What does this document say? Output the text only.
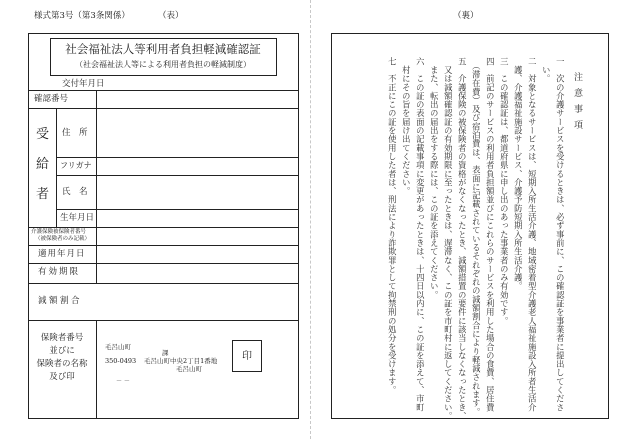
様式第3号（第3条関係）	（表）
社会福祉法人等利用者負担軽減確認証
（社会福祉法人等による利用者負担の軽減制度）
交付年月日
確認番号
受
給
者
住　所
フリガナ
氏　名
生年月日
介護保険被保険者番号
（被保険者のみ記載）
適用年月日
有効期限
減額割合
保険者番号
並びに
保険者の名称
及び印
毛呂山町
課
350-0493 毛呂山町中央2丁目1番地
毛呂山町
印
－ －
（裏）
注意事項
一　次の介護サービスを受けるときは、必ず事前に、この確認証を事業者に提出してくださ
　い。
二　対象となるサービスは、短期入所生活介護、地域密着型介護老人福祉施設入所者生活介
　護、介護福祉施設サービス、介護予防短期入所生活介護。
三　この確認証は、都道府県に申し出のあった事業者のみ有効です。
四　前記のサービスの利用者負担額並びにこれらのサービスを利用した場合の食費、居住費
　（滞在費）及び宿泊費は、表面に記載されているそれぞれの減額割合により軽減されます。
五　介護保険の被保険者の資格がなくなったとき、減額措置の要件に該当しなくなったとき、
　又は減額確認証の有効期限に至ったときは、遅滞なく、この証を市町村に返してください。
　また、転出の届出をする際には、この証を添えてください。
六　この証の表面の記載事項に変更があったときは、十四日以内に、この証を添えて、市町
　村にその旨を届け出てください。
七　不正にこの証を使用した者は、刑法により詐欺罪として拘禁刑の処分を受けます。
